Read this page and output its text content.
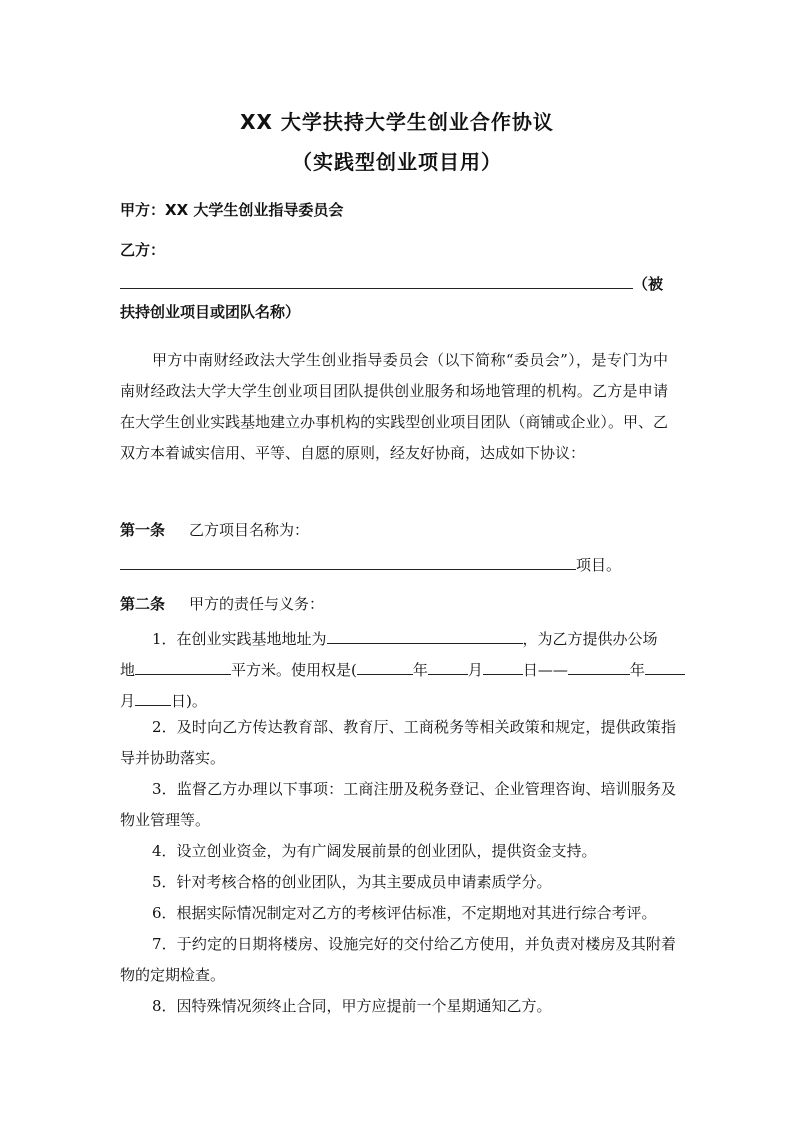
XX 大学扶持大学生创业合作协议
（实践型创业项目用）
甲方：XX 大学生创业指导委员会
乙方：
（被
扶持创业项目或团队名称）
甲方中南财经政法大学生创业指导委员会（以下简称“委员会”），是专门为中南财经政法大学大学生创业项目团队提供创业服务和场地管理的机构。乙方是申请在大学生创业实践基地建立办事机构的实践型创业项目团队（商铺或企业）。甲、乙双方本着诚实信用、平等、自愿的原则，经友好协商，达成如下协议：
第一条 乙方项目名称为：
项目。
第二条 甲方的责任与义务：
1．在创业实践基地地址为	，为乙方提供办公场
地	平方米。使用权是(	年	月	日——	年
月 日)。
2．及时向乙方传达教育部、教育厅、工商税务等相关政策和规定，提供政策指导并协助落实。
3．监督乙方办理以下事项：工商注册及税务登记、企业管理咨询、培训服务及物业管理等。
4．设立创业资金，为有广阔发展前景的创业团队，提供资金支持。
5．针对考核合格的创业团队，为其主要成员申请素质学分。
6．根据实际情况制定对乙方的考核评估标准，不定期地对其进行综合考评。
7．于约定的日期将楼房、设施完好的交付给乙方使用，并负责对楼房及其附着物的定期检查。
8．因特殊情况须终止合同，甲方应提前一个星期通知乙方。
